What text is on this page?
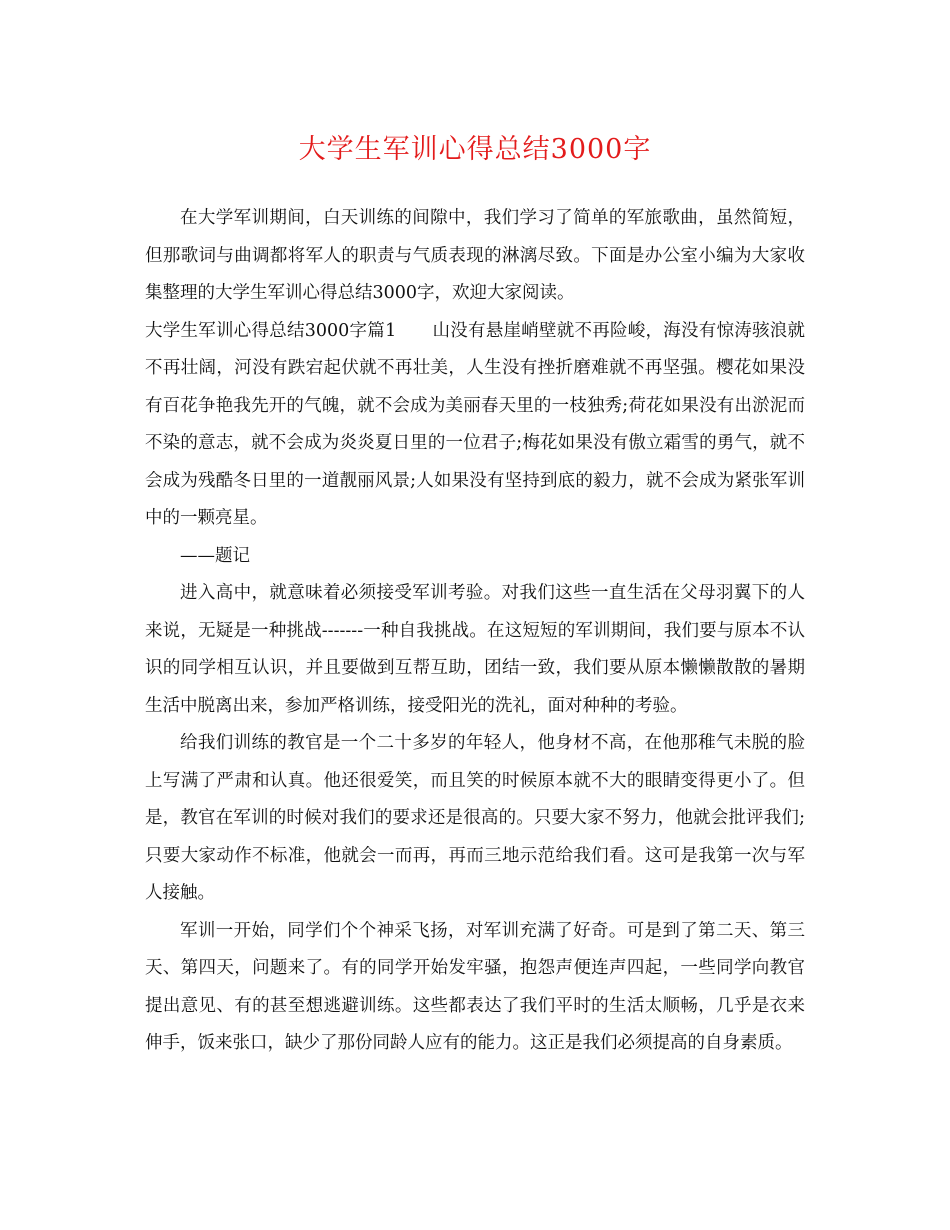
大学生军训心得总结3000字

在大学军训期间，白天训练的间隙中，我们学习了简单的军旅歌曲，虽然简短，但那歌词与曲调都将军人的职责与气质表现的淋漓尽致。下面是办公室小编为大家收集整理的大学生军训心得总结3000字，欢迎大家阅读。

大学生军训心得总结3000字篇1 山没有悬崖峭壁就不再险峻，海没有惊涛骇浪就不再壮阔，河没有跌宕起伏就不再壮美，人生没有挫折磨难就不再坚强。樱花如果没有百花争艳我先开的气魄，就不会成为美丽春天里的一枝独秀;荷花如果没有出淤泥而不染的意志，就不会成为炎炎夏日里的一位君子;梅花如果没有傲立霜雪的勇气，就不会成为残酷冬日里的一道靓丽风景;人如果没有坚持到底的毅力，就不会成为紧张军训中的一颗亮星。

——题记

进入高中，就意味着必须接受军训考验。对我们这些一直生活在父母羽翼下的人来说，无疑是一种挑战-------一种自我挑战。在这短短的军训期间，我们要与原本不认识的同学相互认识，并且要做到互帮互助，团结一致，我们要从原本懒懒散散的暑期生活中脱离出来，参加严格训练，接受阳光的洗礼，面对种种的考验。

给我们训练的教官是一个二十多岁的年轻人，他身材不高，在他那稚气未脱的脸上写满了严肃和认真。他还很爱笑，而且笑的时候原本就不大的眼睛变得更小了。但是，教官在军训的时候对我们的要求还是很高的。只要大家不努力，他就会批评我们;只要大家动作不标准，他就会一而再，再而三地示范给我们看。这可是我第一次与军人接触。

军训一开始，同学们个个神采飞扬，对军训充满了好奇。可是到了第二天、第三天、第四天，问题来了。有的同学开始发牢骚，抱怨声便连声四起，一些同学向教官提出意见、有的甚至想逃避训练。这些都表达了我们平时的生活太顺畅，几乎是衣来伸手，饭来张口，缺少了那份同龄人应有的能力。这正是我们必须提高的自身素质。
